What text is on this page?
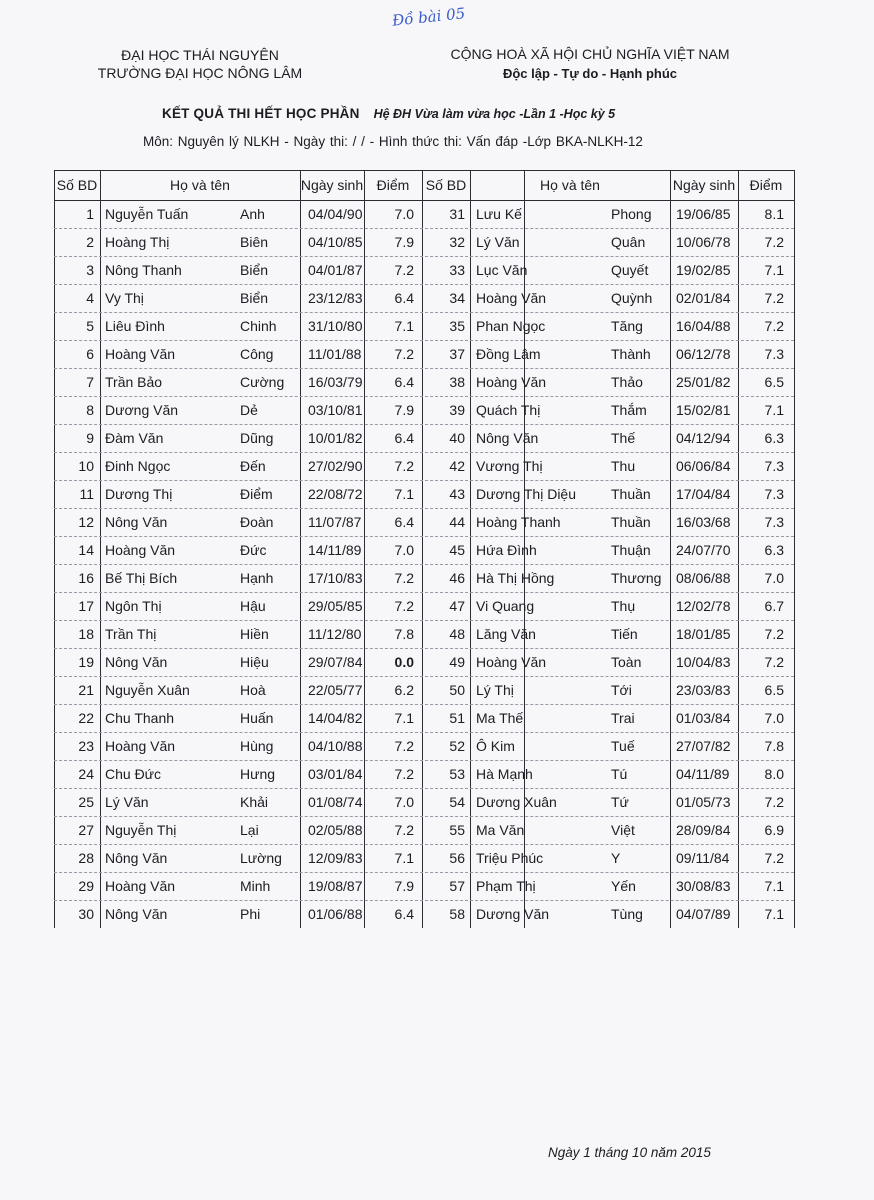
Đồ bài 05
ĐẠI HỌC THÁI NGUYÊN
TRƯỜNG ĐẠI HỌC NÔNG LÂM
CỘNG HOÀ XÃ HỘI CHỦ NGHĨA VIỆT NAM
Độc lập - Tự do - Hạnh phúc
KẾT QUẢ THI HẾT HỌC PHẦN Hệ ĐH Vừa làm vừa học -Lần 1 -Học kỳ 5
Môn: Nguyên lý NLKH - Ngày thi: / / - Hình thức thi: Vấn đáp -Lớp BKA-NLKH-12
Số BD	Họ và tên	Ngày sinh Điểm	Số BD	Họ và tên	Ngày sinh	Điểm
1 Nguyễn Tuấn	Anh	04/04/90	7.0	31 Lưu Kế	Phong	19/06/85	8.1
2 Hoàng Thị	Biên	04/10/85	7.9	32 Lý Văn	Quân	10/06/78	7.2
3 Nông Thanh	Biển	04/01/87	7.2	33 Lục Văn	Quyết	19/02/85	7.1
4 Vy Thị	Biển	23/12/83	6.4	34 Hoàng Văn	Quỳnh	02/01/84	7.2
5 Liêu Đình	Chinh	31/10/80	7.1	35 Phan Ngọc	Tăng	16/04/88	7.2
6 Hoàng Văn	Công	11/01/88	7.2	37 Đồng Lâm	Thành	06/12/78	7.3
7 Trần Bảo	Cường	16/03/79	6.4	38 Hoàng Văn	Thảo	25/01/82	6.5
8 Dương Văn	Dẻ	03/10/81	7.9	39 Quách Thị	Thắm	15/02/81	7.1
9 Đàm Văn	Dũng	10/01/82	6.4	40 Nông Văn	Thế	04/12/94	6.3
10 Đinh Ngọc	Đến	27/02/90	7.2	42 Vương Thị	Thu	06/06/84	7.3
11 Dương Thị	Điểm	22/08/72	7.1	43 Dương Thị Diệu	Thuần	17/04/84	7.3
12 Nông Văn	Đoàn	11/07/87	6.4	44 Hoàng Thanh	Thuần	16/03/68	7.3
14 Hoàng Văn	Đức	14/11/89	7.0	45 Hứa Đình	Thuận	24/07/70	6.3
16 Bế Thị Bích	Hạnh	17/10/83	7.2	46 Hà Thị Hồng	Thương	08/06/88	7.0
17 Ngôn Thị	Hậu	29/05/85	7.2	47 Vi Quang	Thụ	12/02/78	6.7
18 Trần Thị	Hiền	11/12/80	7.8	48 Lăng Văn	Tiến	18/01/85	7.2
19 Nông Văn	Hiệu	29/07/84	0.0	49 Hoàng Văn	Toàn	10/04/83	7.2
21 Nguyễn Xuân	Hoà	22/05/77	6.2	50 Lý Thị	Tới	23/03/83	6.5
22 Chu Thanh	Huấn	14/04/82	7.1	51 Ma Thế	Trai	01/03/84	7.0
23 Hoàng Văn	Hùng	04/10/88	7.2	52 Ô Kim	Tuế	27/07/82	7.8
24 Chu Đức	Hưng	03/01/84	7.2	53 Hà Mạnh	Tú	04/11/89	8.0
25 Lý Văn	Khải	01/08/74	7.0	54 Dương Xuân	Tứ	01/05/73	7.2
27 Nguyễn Thị	Lại	02/05/88	7.2	55 Ma Văn	Việt	28/09/84	6.9
28 Nông Văn	Lường	12/09/83	7.1	56 Triệu Phúc	Y	09/11/84	7.2
29 Hoàng Văn	Minh	19/08/87	7.9	57 Phạm Thị	Yến	30/08/83	7.1
30 Nông Văn	Phi	01/06/88	6.4	58 Dương Văn	Tùng	04/07/89	7.1
Ngày 1 tháng 10 năm 2015
